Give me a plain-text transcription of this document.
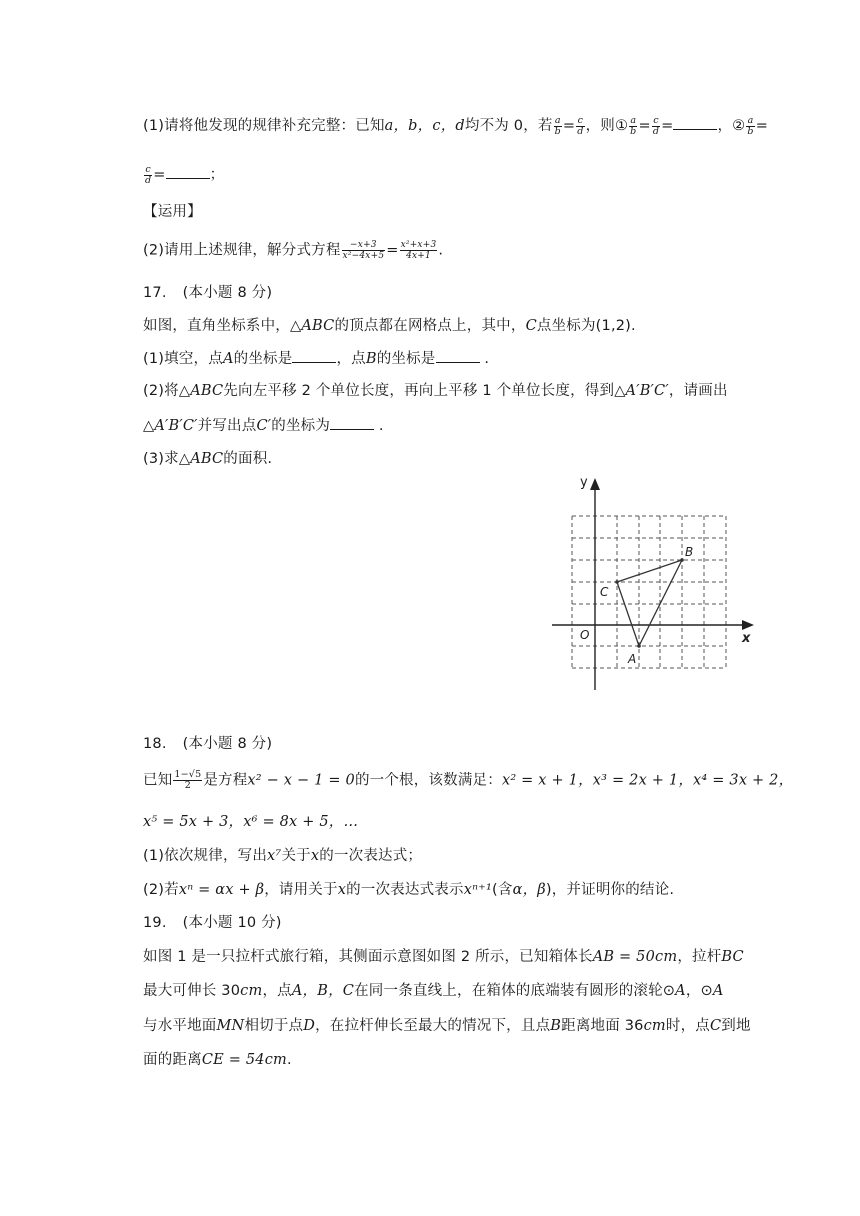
(1)请将他发现的规律补充完整：已知a，b，c，d均不为 0，若 $\frac{a}{b} = \frac{c}{d}$ ，则① $\frac{a}{b} = \frac{c}{d}$ =	，② $\frac{a}{b}$ =
$\frac{c}{d}$ =	；
【运用】
(2)请用上述规律，解分式方程 $\frac{-x+3}{\text{x²−4x+5}} = \frac{\text{x²+x+3}}{4x+1}$ .
17. (本小题 8 分)
如图，直角坐标系中，△ABC的顶点都在网格点上，其中，C点坐标为(1,2).
(1)填空，点A的坐标是	，点B的坐标是	.
(2)将△ABC先向左平移 2 个单位长度，再向上平移 1 个单位长度，得到△A′B′C′，请画出
△A′B′C′并写出点C′的坐标为	.
(3)求△ABC的面积.
y
x
O
A
B
C
18. (本小题 8 分)
已知 $\frac{1-√5}{2}$ 是方程x² − x − 1 = 0的一个根，该数满足：x² = x + 1，x³ = 2x + 1，x⁴ = 3x + 2，
x⁵ = 5x + 3，x⁶ = 8x + 5，…
(1)依次规律，写出x⁷关于x的一次表达式；
(2)若xⁿ = αx + β，请用关于x的一次表达式表示xⁿ⁺¹(含α，β)，并证明你的结论.
19. (本小题 10 分)
如图 1 是一只拉杆式旅行箱，其侧面示意图如图 2 所示，已知箱体长AB = 50cm，拉杆BC
最大可伸长 30cm，点A，B，C在同一条直线上，在箱体的底端装有圆形的滚轮⊙A，⊙A
与水平地面MN相切于点D，在拉杆伸长至最大的情况下，且点B距离地面 36cm时，点C到地
面的距离CE = 54cm.
